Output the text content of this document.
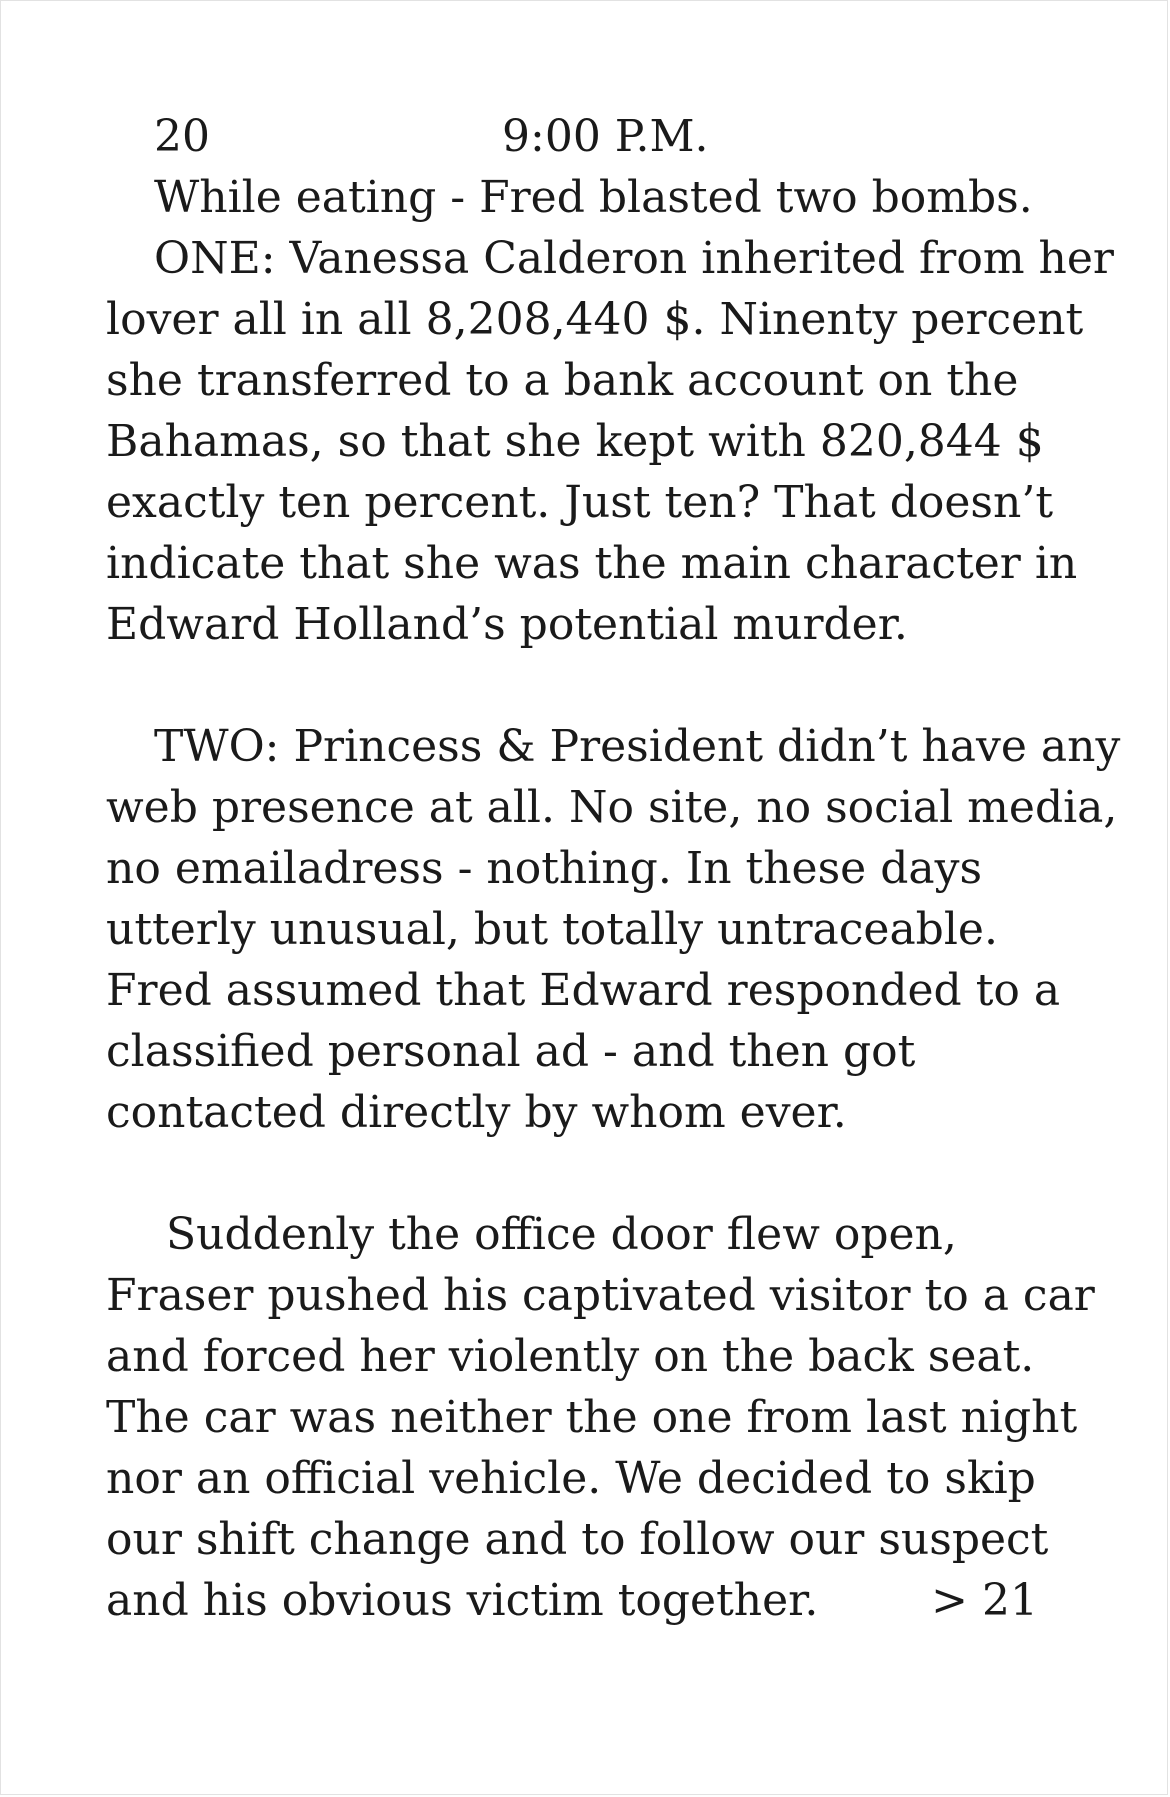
20	9:00 P.M.
While eating - Fred blasted two bombs.
ONE: Vanessa Calderon inherited from her
lover all in all 8,208,440 $. Ninenty percent
she transferred to a bank account on the
Bahamas, so that she kept with 820,844 $
exactly ten percent. Just ten? That doesn’t
indicate that she was the main character in
Edward Holland’s potential murder.
TWO: Princess & President didn’t have any
web presence at all. No site, no social media,
no emailadress - nothing. In these days
utterly unusual, but totally untraceable.
Fred assumed that Edward responded to a
classified personal ad - and then got
contacted directly by whom ever.
Suddenly the office door flew open,
Fraser pushed his captivated visitor to a car
and forced her violently on the back seat.
The car was neither the one from last night
nor an official vehicle. We decided to skip
our shift change and to follow our suspect
and his obvious victim together.	> 21
